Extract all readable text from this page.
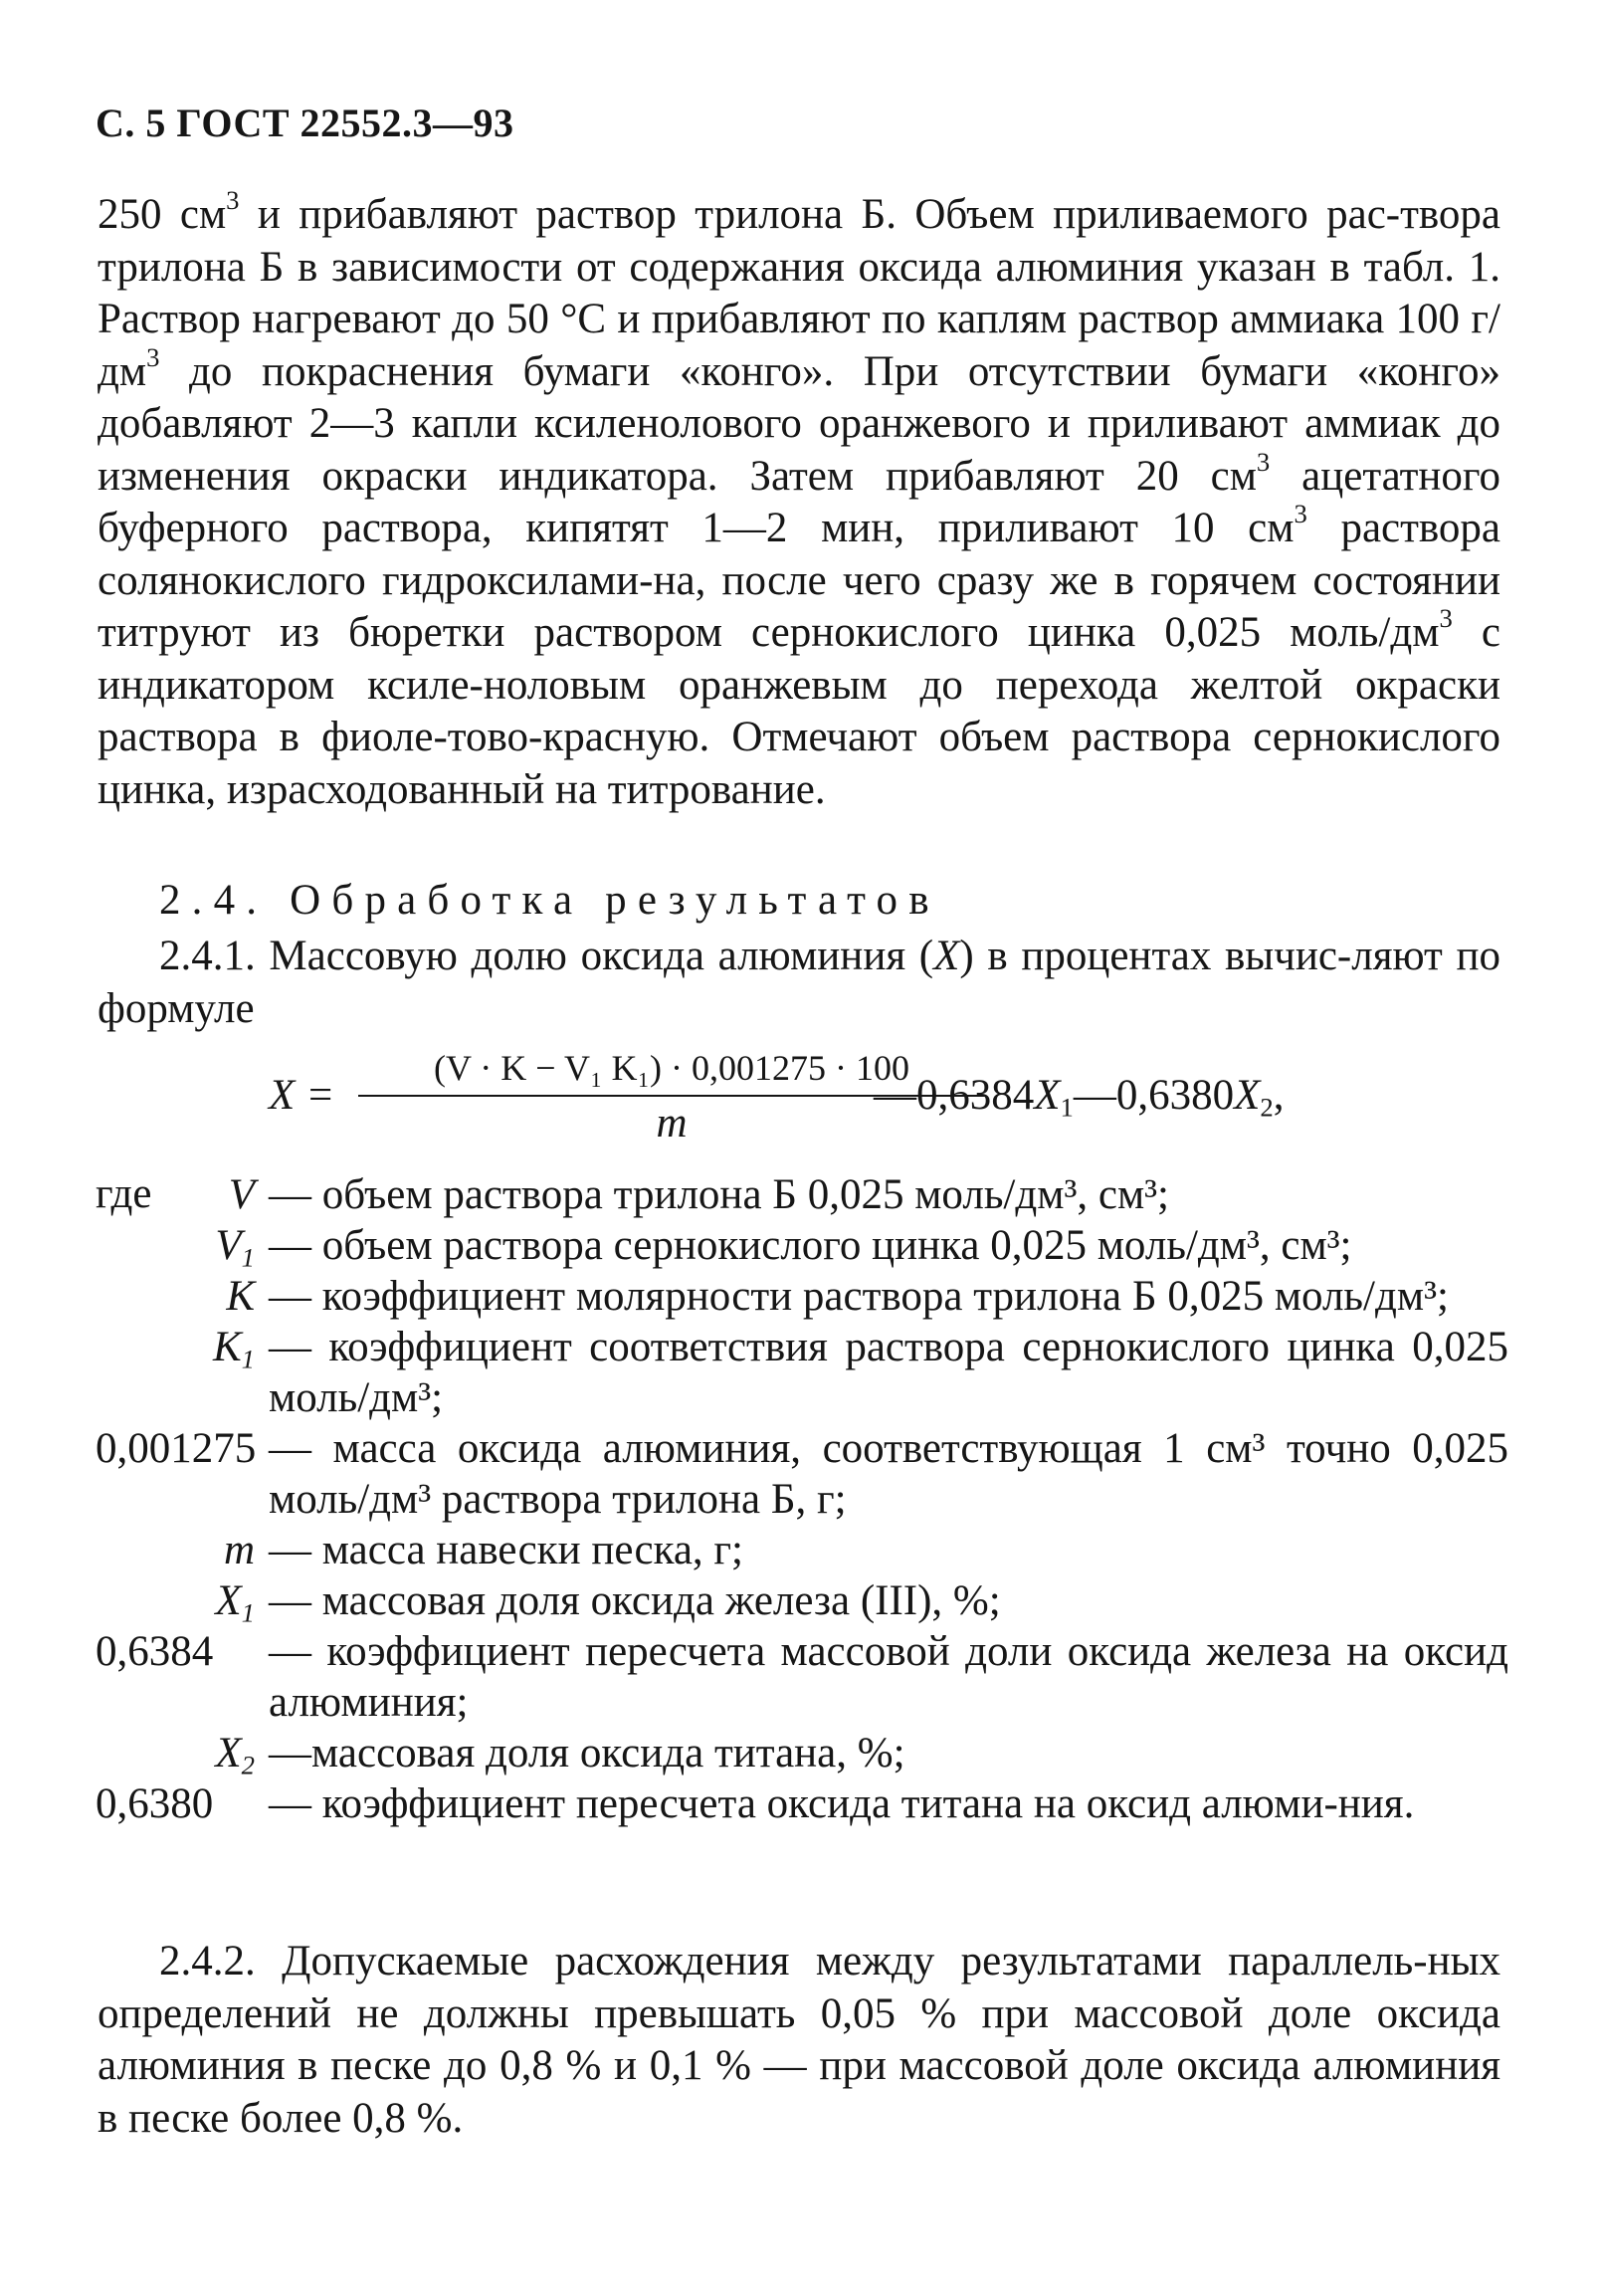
С. 5 ГОСТ 22552.3—93
250 $см^3$ и прибавляют раствор трилона Б. Объем приливаемого рас-твора трилона Б в зависимости от содержания оксида алюминия указан в табл. 1. Раствор нагревают до 50 °С и прибавляют по каплям раствор аммиака 100 $г/дм^3$ до покраснения бумаги «конго». При отсутствии бумаги «конго» добавляют 2—3 капли ксиленолового оранжевого и приливают аммиак до изменения окраски индикатора. Затем прибавляют 20 $см^3$ ацетатного буферного раствора, кипятят 1—2 мин, приливают 10 $см^3$ раствора солянокислого гидроксилами-на, после чего сразу же в горячем состоянии титруют из бюретки раствором сернокислого цинка 0,025 моль/$дм^3$ с индикатором ксиле-ноловым оранжевым до перехода желтой окраски раствора в фиоле-тово-красную. Отмечают объем раствора сернокислого цинка, израсходованный на титрование.
2.4. Обработка результатов
2.4.1. Массовую долю оксида алюминия (X) в процентах вычис-ляют по формуле
X =
(V · K − V₁ K₁) · 0,001275 · 100
m
$—0,6384X_1—0,6380X_2$,
где	V — объем раствора трилона Б 0,025 моль/дм³, см³;
$V_1$ — объем раствора сернокислого цинка 0,025 моль/дм³, см³;
K — коэффициент молярности раствора трилона Б 0,025 моль/дм³;
$K_1$ — коэффициент соответствия раствора сернокислого цинка 0,025 моль/дм³;
0,001275 — масса оксида алюминия, соответствующая 1 см³ точно 0,025 моль/дм³ раствора трилона Б, г;
m — масса навески песка, г;
$X_1$ — массовая доля оксида железа (III), %;
0,6384 — коэффициент пересчета массовой доли оксида железа на оксид алюминия;
$X_2$ —массовая доля оксида титана, %;
0,6380 — коэффициент пересчета оксида титана на оксид алюми-ния.
2.4.2. Допускаемые расхождения между результатами параллель-ных определений не должны превышать 0,05 % при массовой доле оксида алюминия в песке до 0,8 % и 0,1 % — при массовой доле оксида алюминия в песке более 0,8 %.
